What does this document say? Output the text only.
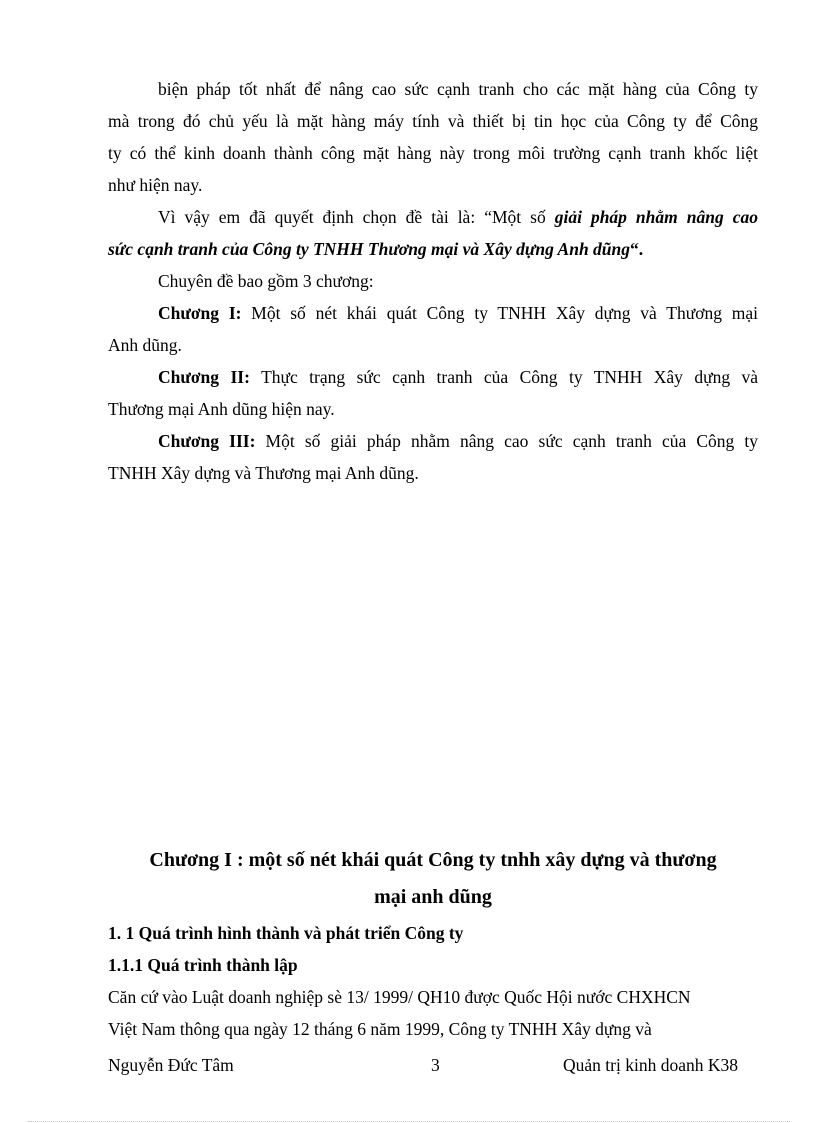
biện pháp tốt nhất để nâng cao sức cạnh tranh cho các mặt hàng của Công ty
mà trong đó chủ yếu là mặt hàng máy tính và thiết bị tin học của Công ty để Công
ty có thể kinh doanh thành công mặt hàng này trong môi trường cạnh tranh khốc liệt
như hiện nay.
Vì vậy em đã quyết định chọn đề tài là: “Một số giải pháp nhằm nâng cao
sức cạnh tranh của Công ty TNHH Thương mại và Xây dựng Anh dũng“.
Chuyên đề bao gồm 3 chương:
Chương I: Một số nét khái quát Công ty TNHH Xây dựng và Thương mại
Anh dũng.
Chương II: Thực trạng sức cạnh tranh của Công ty TNHH Xây dựng và
Thương mại Anh dũng hiện nay.
Chương III: Một số giải pháp nhằm nâng cao sức cạnh tranh của Công ty
TNHH Xây dựng và Thương mại Anh dũng.
Chương I : một số nét khái quát Công ty tnhh xây dựng và thương
mại anh dũng
1. 1 Quá trình hình thành và phát triển Công ty
1.1.1 Quá trình thành lập
Căn cứ vào Luật doanh nghiệp sè 13/ 1999/ QH10 được Quốc Hội nước CHXHCN
Việt Nam thông qua ngày 12 tháng 6 năm 1999, Công ty TNHH Xây dựng và
Nguyễn Đức Tâm	3	Quản trị kinh doanh K38
